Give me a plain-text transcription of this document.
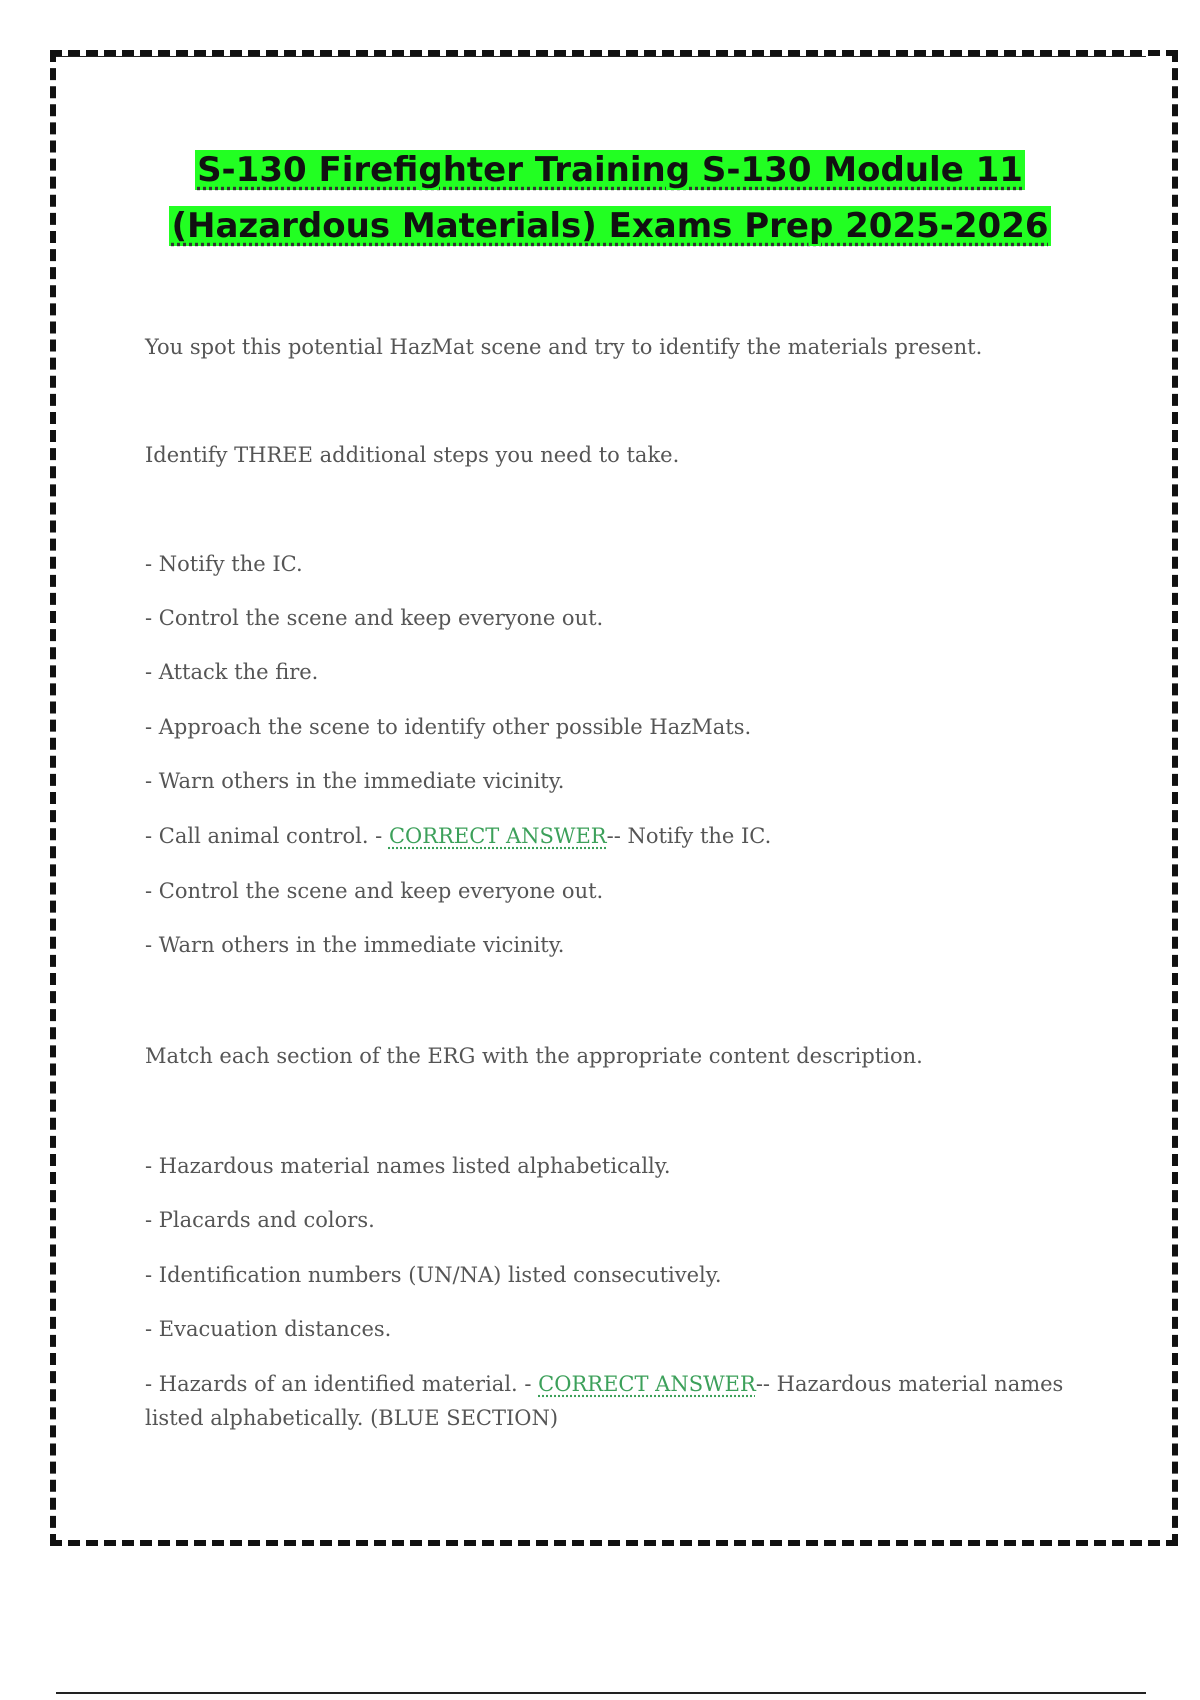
S-130 Firefighter Training S-130 Module 11
(Hazardous Materials) Exams Prep 2025-2026
You spot this potential HazMat scene and try to identify the materials present.
Identify THREE additional steps you need to take.
- Notify the IC.
- Control the scene and keep everyone out.
- Attack the fire.
- Approach the scene to identify other possible HazMats.
- Warn others in the immediate vicinity.
- Call animal control. - CORRECT ANSWER-- Notify the IC.
- Control the scene and keep everyone out.
- Warn others in the immediate vicinity.
Match each section of the ERG with the appropriate content description.
- Hazardous material names listed alphabetically.
- Placards and colors.
- Identification numbers (UN/NA) listed consecutively.
- Evacuation distances.
- Hazards of an identified material. - CORRECT ANSWER-- Hazardous material names listed alphabetically. (BLUE SECTION)
